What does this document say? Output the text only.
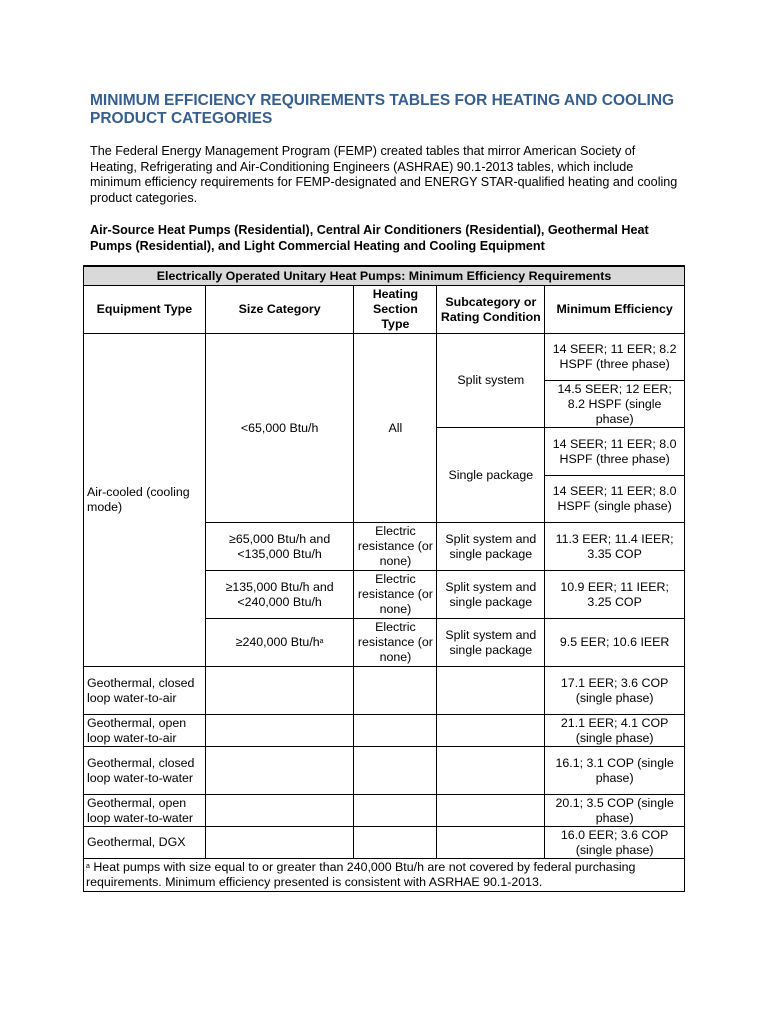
MINIMUM EFFICIENCY REQUIREMENTS TABLES FOR HEATING AND COOLING PRODUCT CATEGORIES

The Federal Energy Management Program (FEMP) created tables that mirror American Society of Heating, Refrigerating and Air-Conditioning Engineers (ASHRAE) 90.1-2013 tables, which include minimum efficiency requirements for FEMP-designated and ENERGY STAR-qualified heating and cooling product categories.

Air-Source Heat Pumps (Residential), Central Air Conditioners (Residential), Geothermal Heat Pumps (Residential), and Light Commercial Heating and Cooling Equipment

Electrically Operated Unitary Heat Pumps: Minimum Efficiency Requirements				
Equipment Type	Size Category	Heating Section Type	Subcategory or Rating Condition	Minimum Efficiency
Air-cooled (cooling mode)	<65,000 Btu/h	All	Split system	14 SEER; 11 EER; 8.2 HSPF (three phase)
				14.5 SEER; 12 EER; 8.2 HSPF (single phase)
			Single package	14 SEER; 11 EER; 8.0 HSPF (three phase)
				14 SEER; 11 EER; 8.0 HSPF (single phase)
	≥65,000 Btu/h and <135,000 Btu/h	Electric resistance (or none)	Split system and single package	11.3 EER; 11.4 IEER; 3.35 COP
	≥135,000 Btu/h and <240,000 Btu/h	Electric resistance (or none)	Split system and single package	10.9 EER; 11 IEER; 3.25 COP
	≥240,000 Btu/$h^a$	Electric resistance (or none)	Split system and single package	9.5 EER; 10.6 IEER
Geothermal, closed loop water-to-air				17.1 EER; 3.6 COP (single phase)
Geothermal, open loop water-to-air				21.1 EER; 4.1 COP (single phase)
Geothermal, closed loop water-to-water				16.1; 3.1 COP (single phase)
Geothermal, open loop water-to-water				20.1; 3.5 COP (single phase)
Geothermal, DGX				16.0 EER; 3.6 COP (single phase)
$^a$ Heat pumps with size equal to or greater than 240,000 Btu/h are not covered by federal purchasing requirements. Minimum efficiency presented is consistent with ASRHAE 90.1-2013.				
